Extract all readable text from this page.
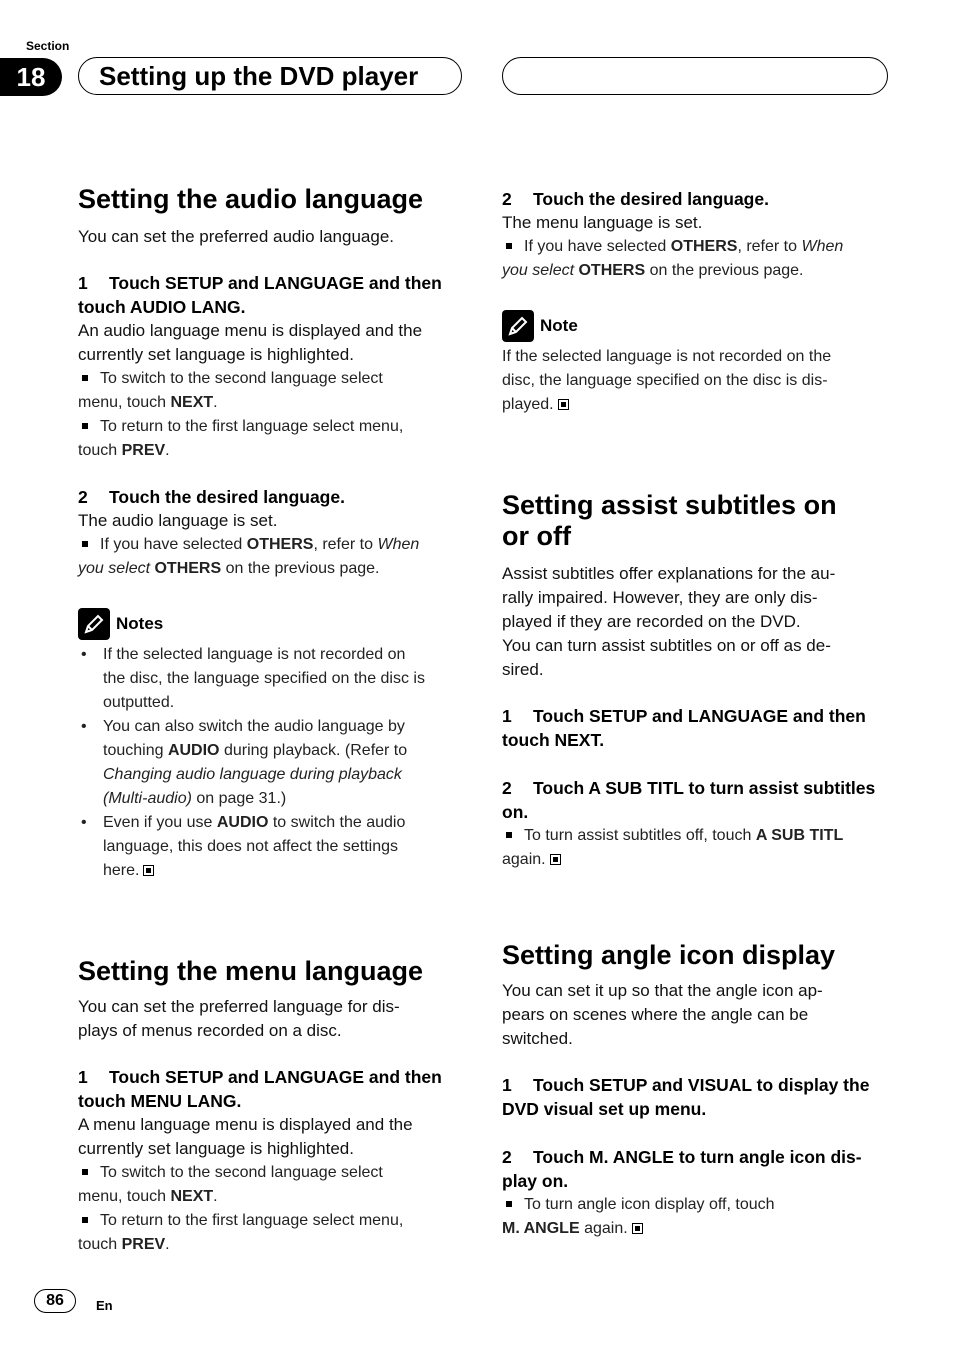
Section
18	Setting up the DVD player
Setting the audio language

You can set the preferred audio language.

1 Touch SETUP and LANGUAGE and then
touch AUDIO LANG.

An audio language menu is displayed and the
currently set language is highlighted.

To switch to the second language select
menu, touch NEXT.

To return to the first language select menu,
touch PREV.

2 Touch the desired language.

The audio language is set.

If you have selected OTHERS, refer to When
you select OTHERS on the previous page.

Notes
• If the selected language is not recorded on
the disc, the language specified on the disc is
outputted.
• You can also switch the audio language by
touching AUDIO during playback. (Refer to
Changing audio language during playback
(Multi-audio) on page 31.)
• Even if you use AUDIO to switch the audio
language, this does not affect the settings
here.
Setting the menu language

You can set the preferred language for dis-
plays of menus recorded on a disc.

1 Touch SETUP and LANGUAGE and then
touch MENU LANG.

A menu language menu is displayed and the
currently set language is highlighted.

To switch to the second language select
menu, touch NEXT.

To return to the first language select menu,
touch PREV.

2 Touch the desired language.

The menu language is set.

If you have selected OTHERS, refer to When
you select OTHERS on the previous page.

Note

If the selected language is not recorded on the
disc, the language specified on the disc is dis-
played.

Setting assist subtitles on
or off

Assist subtitles offer explanations for the au-
rally impaired. However, they are only dis-
played if they are recorded on the DVD.
You can turn assist subtitles on or off as de-
sired.

1 Touch SETUP and LANGUAGE and then
touch NEXT.

2 Touch A SUB TITL to turn assist subtitles
on.

To turn assist subtitles off, touch A SUB TITL
again.

Setting angle icon display

You can set it up so that the angle icon ap-
pears on scenes where the angle can be
switched.

1 Touch SETUP and VISUAL to display the
DVD visual set up menu.

2 Touch M. ANGLE to turn angle icon dis-
play on.

To turn angle icon display off, touch
M. ANGLE again.

86	En
